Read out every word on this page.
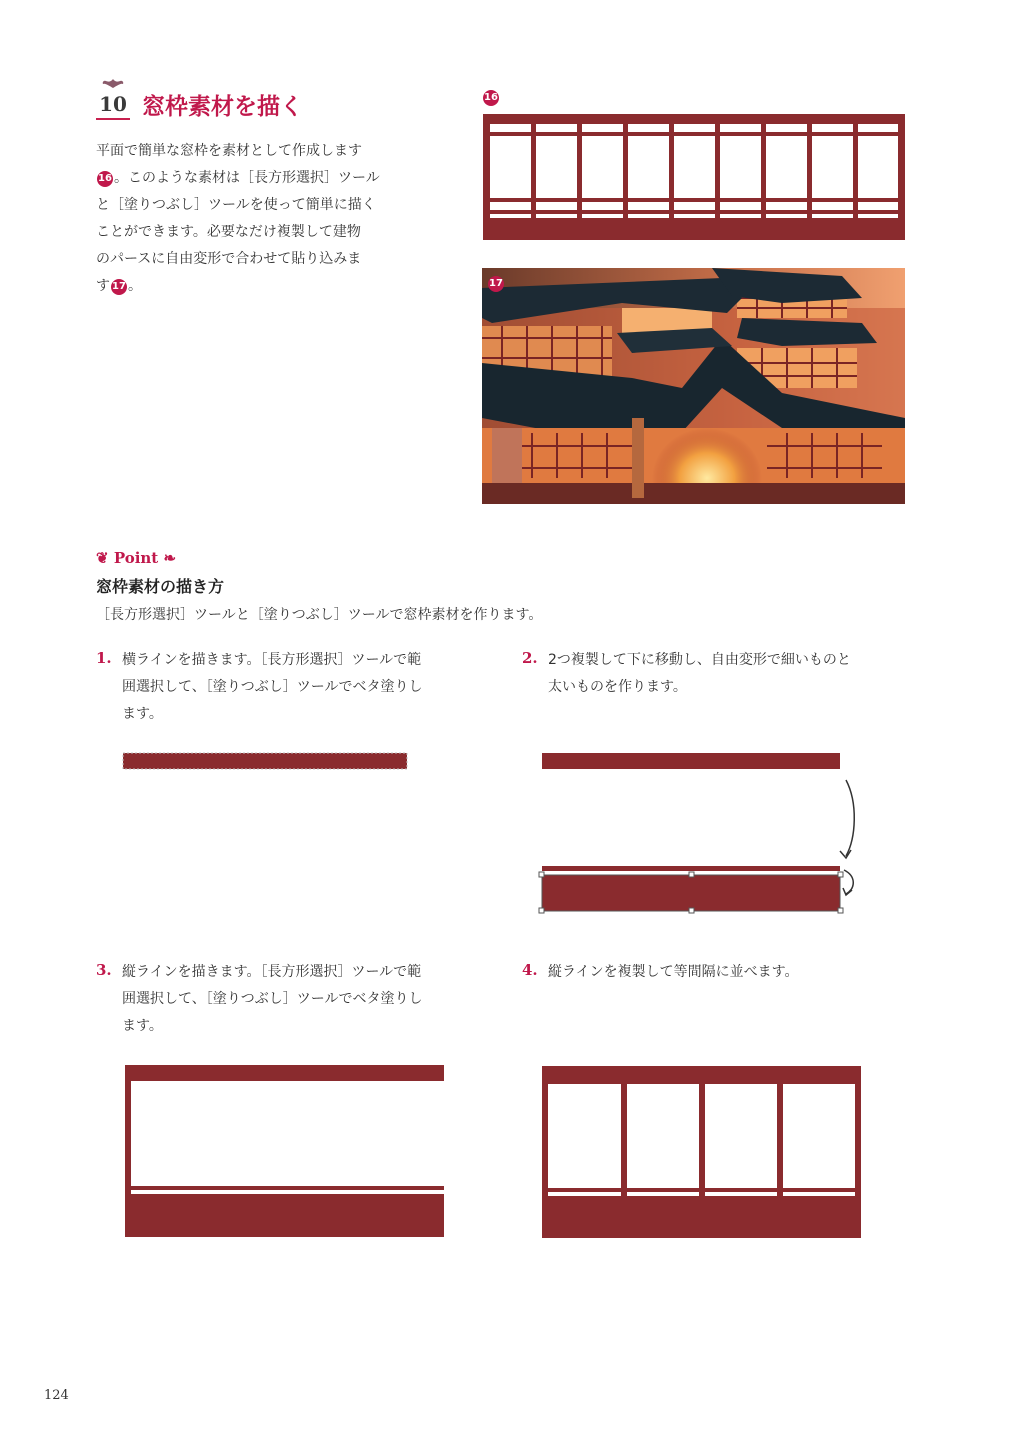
10 窓枠素材を描く
平面で簡単な窓枠を素材として作成します
16 。このような素材は［長方形選択］ツール
と［塗りつぶし］ツールを使って簡単に描く
ことができます。必要なだけ複製して建物
のパースに自由変形で合わせて貼り込みま
す 17 。
16
17
❦ Point ❧
窓枠素材の描き方
［長方形選択］ツールと［塗りつぶし］ツールで窓枠素材を作ります。
1. 横ラインを描きます。［長方形選択］ツールで範
囲選択して、［塗りつぶし］ツールでベタ塗りし
ます。
2. 2つ複製して下に移動し、自由変形で細いものと
太いものを作ります。
3. 縦ラインを描きます。［長方形選択］ツールで範
囲選択して、［塗りつぶし］ツールでベタ塗りし
ます。
4. 縦ラインを複製して等間隔に並べます。
124
